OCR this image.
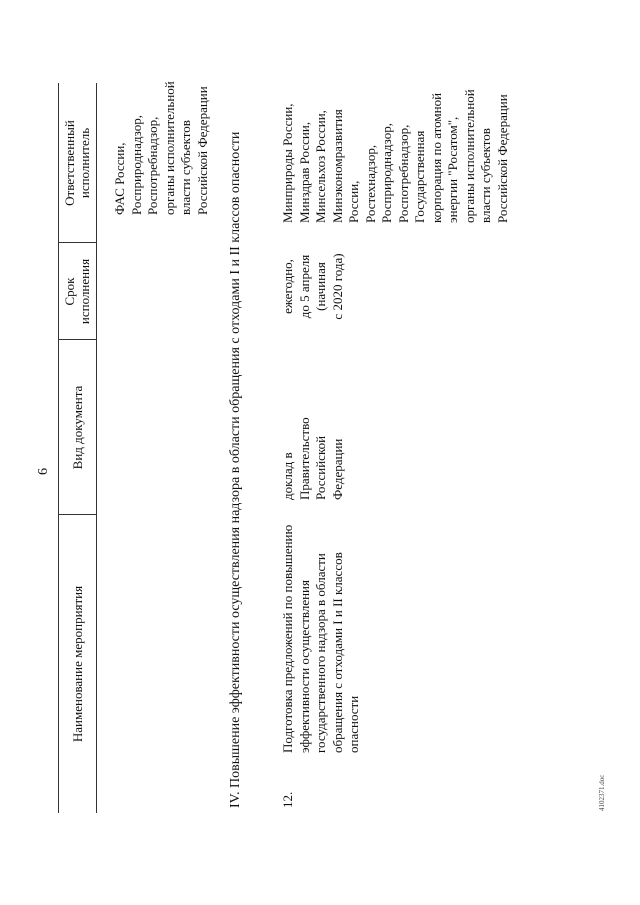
6
Наименование мероприятия
Вид документа
Срок исполнения
Ответственный исполнитель ФАС России, Росприроднадзор, Роспотребнадзор, органы исполнительной власти субъектов Российской Федерации IV. Повышение эффективности осуществления надзора в области обращения с отходами I и II классов опасности	12.
Подготовка предложений по повышению эффективности осуществления государственного надзора в области обращения с отходами I и II классов опасности
доклад в Правительство Российской Федерации
ежегодно, до 5 апреля (начиная с 2020 года)
Минприроды России, Минздрав России, Минсельхоз России, Минэкономразвития России, Ростехнадзор, Росприроднадзор, Роспотребнадзор, Государственная корпорация по атомной энергии "Росатом", органы исполнительной власти субъектов Российской Федерации
4102371.doc
